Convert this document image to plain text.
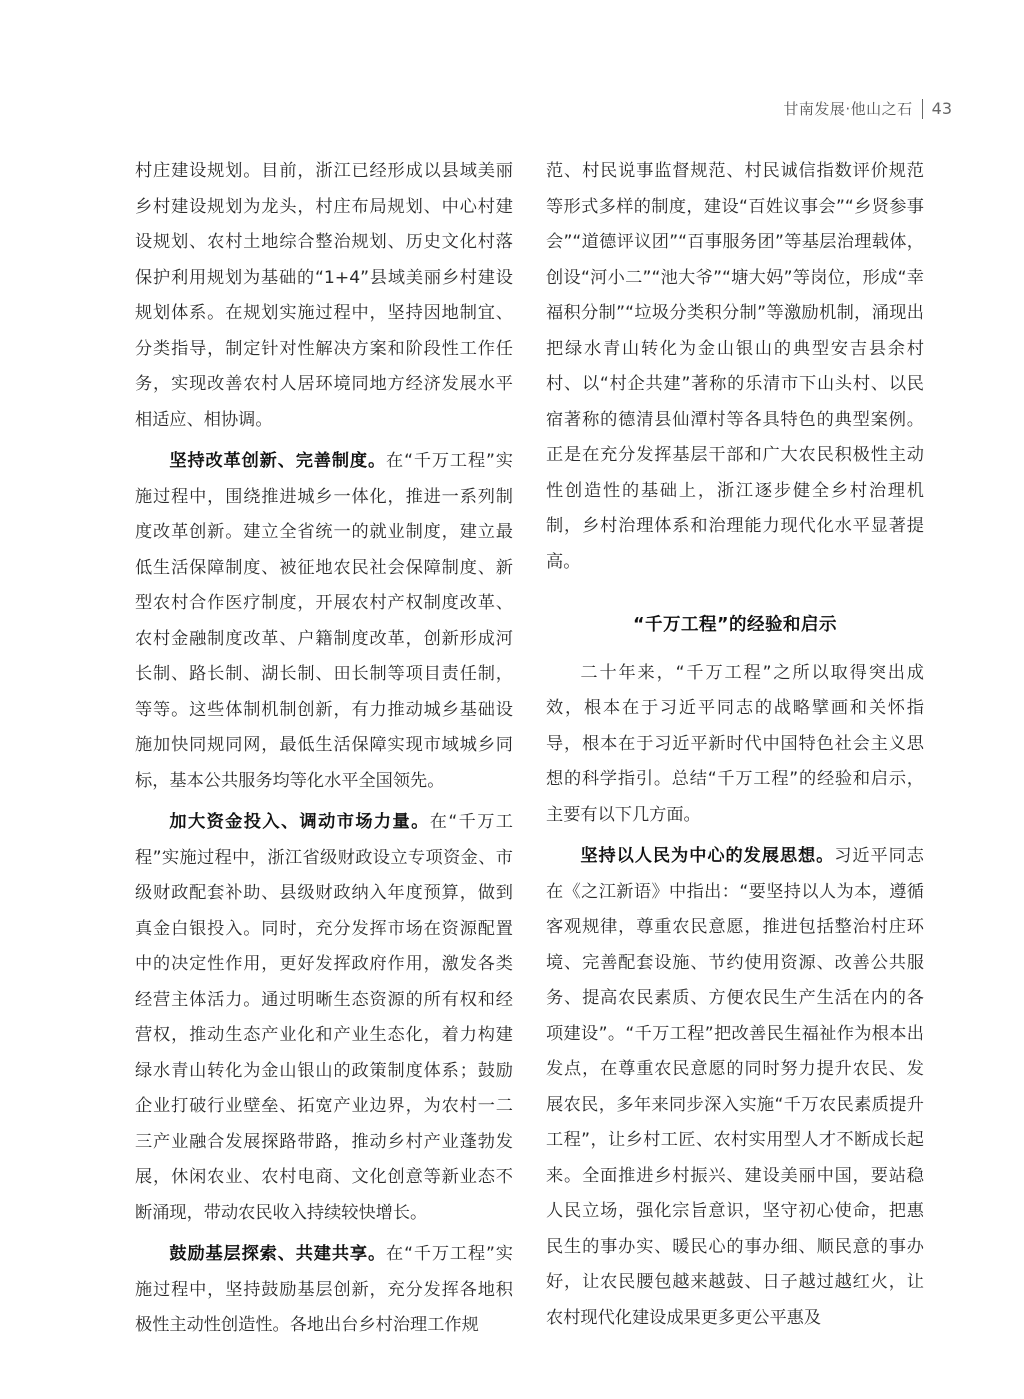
甘南发展·他山之石 43

村庄建设规划。目前，浙江已经形成以县域美丽乡村建设规划为龙头，村庄布局规划、中心村建设规划、农村土地综合整治规划、历史文化村落保护利用规划为基础的“1+4”县域美丽乡村建设规划体系。在规划实施过程中，坚持因地制宜、分类指导，制定针对性解决方案和阶段性工作任务，实现改善农村人居环境同地方经济发展水平相适应、相协调。

坚持改革创新、完善制度。在“千万工程”实施过程中，围绕推进城乡一体化，推进一系列制度改革创新。建立全省统一的就业制度，建立最低生活保障制度、被征地农民社会保障制度、新型农村合作医疗制度，开展农村产权制度改革、农村金融制度改革、户籍制度改革，创新形成河长制、路长制、湖长制、田长制等项目责任制，等等。这些体制机制创新，有力推动城乡基础设施加快同规同网，最低生活保障实现市域城乡同标，基本公共服务均等化水平全国领先。

加大资金投入、调动市场力量。在“千万工程”实施过程中，浙江省级财政设立专项资金、市级财政配套补助、县级财政纳入年度预算，做到真金白银投入。同时，充分发挥市场在资源配置中的决定性作用，更好发挥政府作用，激发各类经营主体活力。通过明晰生态资源的所有权和经营权，推动生态产业化和产业生态化，着力构建绿水青山转化为金山银山的政策制度体系；鼓励企业打破行业壁垒、拓宽产业边界，为农村一二三产业融合发展探路带路，推动乡村产业蓬勃发展，休闲农业、农村电商、文化创意等新业态不断涌现，带动农民收入持续较快增长。

鼓励基层探索、共建共享。在“千万工程”实施过程中，坚持鼓励基层创新，充分发挥各地积极性主动性创造性。各地出台乡村治理工作规

范、村民说事监督规范、村民诚信指数评价规范等形式多样的制度，建设“百姓议事会”“乡贤参事会”“道德评议团”“百事服务团”等基层治理载体，创设“河小二”“池大爷”“塘大妈”等岗位，形成“幸福积分制”“垃圾分类积分制”等激励机制，涌现出把绿水青山转化为金山银山的典型安吉县余村村、以“村企共建”著称的乐清市下山头村、以民宿著称的德清县仙潭村等各具特色的典型案例。正是在充分发挥基层干部和广大农民积极性主动性创造性的基础上，浙江逐步健全乡村治理机制，乡村治理体系和治理能力现代化水平显著提高。

“千万工程”的经验和启示

二十年来，“千万工程”之所以取得突出成效，根本在于习近平同志的战略擘画和关怀指导，根本在于习近平新时代中国特色社会主义思想的科学指引。总结“千万工程”的经验和启示，主要有以下几方面。

坚持以人民为中心的发展思想。习近平同志在《之江新语》中指出：“要坚持以人为本，遵循客观规律，尊重农民意愿，推进包括整治村庄环境、完善配套设施、节约使用资源、改善公共服务、提高农民素质、方便农民生产生活在内的各项建设”。“千万工程”把改善民生福祉作为根本出发点，在尊重农民意愿的同时努力提升农民、发展农民，多年来同步深入实施“千万农民素质提升工程”，让乡村工匠、农村实用型人才不断成长起来。全面推进乡村振兴、建设美丽中国，要站稳人民立场，强化宗旨意识，坚守初心使命，把惠民生的事办实、暖民心的事办细、顺民意的事办好，让农民腰包越来越鼓、日子越过越红火，让农村现代化建设成果更多更公平惠及
